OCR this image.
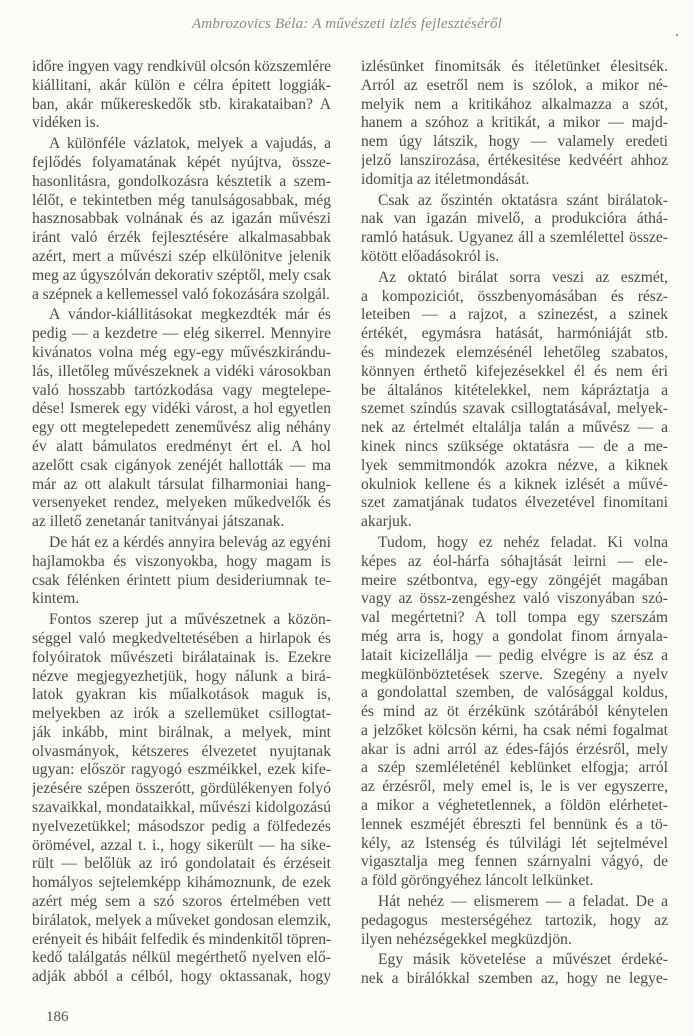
Ambrozovics Béla: A művészeti izlés fejlesztéséről
időre ingyen vagy rendkivül olcsón közszemlére
kiállitani, akár külön e célra épitett loggiák-
ban, akár műkereskedők stb. kirakataiban? A
vidéken is.
A különféle vázlatok, melyek a vajudás, a
fejlődés folyamatának képét nyújtva, össze-
hasonlitásra, gondolkozásra késztetik a szem-
lélőt, e tekintetben még tanulságosabbak, még
hasznosabbak volnának és az igazán művészi
iránt való érzék fejlesztésére alkalmasabbak
azért, mert a művészi szép elkülönitve jelenik
meg az úgyszólván dekorativ széptől, mely csak
a szépnek a kellemessel való fokozására szolgál.
A vándor-kiállitásokat megkezdték már és
pedig — a kezdetre — elég sikerrel. Mennyire
kivánatos volna még egy-egy művészkirándu-
lás, illetőleg művészeknek a vidéki városokban
való hosszabb tartózkodása vagy megtelepe-
dése! Ismerek egy vidéki várost, a hol egyetlen
egy ott megtelepedett zeneművész alig néhány
év alatt bámulatos eredményt ért el. A hol
azelőtt csak cigányok zenéjét hallották — ma
már az ott alakult társulat filharmoniai hang-
versenyeket rendez, melyeken műkedvelők és
az illető zenetanár tanitványai játszanak.
De hát ez a kérdés annyira belevág az egyéni
hajlamokba és viszonyokba, hogy magam is
csak félénken érintett pium desideriumnak te-
kintem.
Fontos szerep jut a művészetnek a közön-
séggel való megkedveltetésében a hirlapok és
folyóiratok művészeti birálatainak is. Ezekre
nézve megjegyezhetjük, hogy nálunk a birá-
latok gyakran kis műalkotások maguk is,
melyekben az irók a szellemüket csillogtat-
ják inkább, mint birálnak, a melyek, mint
olvasmányok, kétszeres élvezetet nyujtanak
ugyan: először ragyogó eszméikkel, ezek kife-
jezésére szépen összerótt, gördülékenyen folyó
szavaikkal, mondataikkal, művészi kidolgozású
nyelvezetükkel; másodszor pedig a fölfedezés
örömével, azzal t. i., hogy sikerült — ha sike-
rült — belőlük az iró gondolatait és érzéseit
homályos sejtelemképp kihámoznunk, de ezek
azért még sem a szó szoros értelmében vett
birálatok, melyek a műveket gondosan elemzik,
erényeit és hibáit felfedik és mindenkitől töpren-
kedő találgatás nélkül megérthető nyelven elő-
adják abból a célból, hogy oktassanak, hogy
izlésünket finomitsák és itéletünket élesitsék.
Arról az esetről nem is szólok, a mikor né-
melyik nem a kritikához alkalmazza a szót,
hanem a szóhoz a kritikát, a mikor — majd-
nem úgy látszik, hogy — valamely eredeti
jelző lanszirozása, értékesitése kedvéért ahhoz
idomitja az itéletmondását.
Csak az őszintén oktatásra szánt birálatok-
nak van igazán mivelő, a produkcióra áthá-
ramló hatásuk. Ugyanez áll a szemlélettel össze-
kötött előadásokról is.
Az oktató birálat sorra veszi az eszmét,
a kompoziciót, összbenyomásában és rész-
leteiben — a rajzot, a szinezést, a szinek
értékét, egymásra hatását, harmóniáját stb.
és mindezek elemzésénél lehetőleg szabatos,
könnyen érthető kifejezésekkel él és nem éri
be általános kitételekkel, nem kápráztatja a
szemet színdús szavak csillogtatásával, melyek-
nek az értelmét eltalálja talán a művész — a
kinek nincs szüksége oktatásra — de a me-
lyek semmitmondók azokra nézve, a kiknek
okulniok kellene és a kiknek izlését a művé-
szet zamatjának tudatos élvezetével finomitani
akarjuk.
Tudom, hogy ez nehéz feladat. Ki volna
képes az éol-hárfa sóhajtását leirni — ele-
meire szétbontva, egy-egy zöngéjét magában
vagy az össz-zengéshez való viszonyában szó-
val megértetni? A toll tompa egy szerszám
még arra is, hogy a gondolat finom árnyala-
latait kicizellálja — pedig elvégre is az ész a
megkülönböztetések szerve. Szegény a nyelv
a gondolattal szemben, de valósággal koldus,
és mind az öt érzékünk szótárából kénytelen
a jelzőket kölcsön kérni, ha csak némi fogalmat
akar is adni arról az édes-fájós érzésről, mely
a szép szemléleténél keblünket elfogja; arról
az érzésről, mely emel is, le is ver egyszerre,
a mikor a véghetetlennek, a földön elérhetet-
lennek eszméjét ébreszti fel bennünk és a tö-
kély, az Istenség és túlvilági lét sejtelmével
vigasztalja meg fennen szárnyalni vágyó, de
a föld göröngyéhez láncolt lelkünket.
Hát nehéz — elismerem — a feladat. De a
pedagogus mesterségéhez tartozik, hogy az
ilyen nehézségekkel megküzdjön.
Egy másik követelése a művészet érdeké-
nek a birálókkal szemben az, hogy ne legye-
186
